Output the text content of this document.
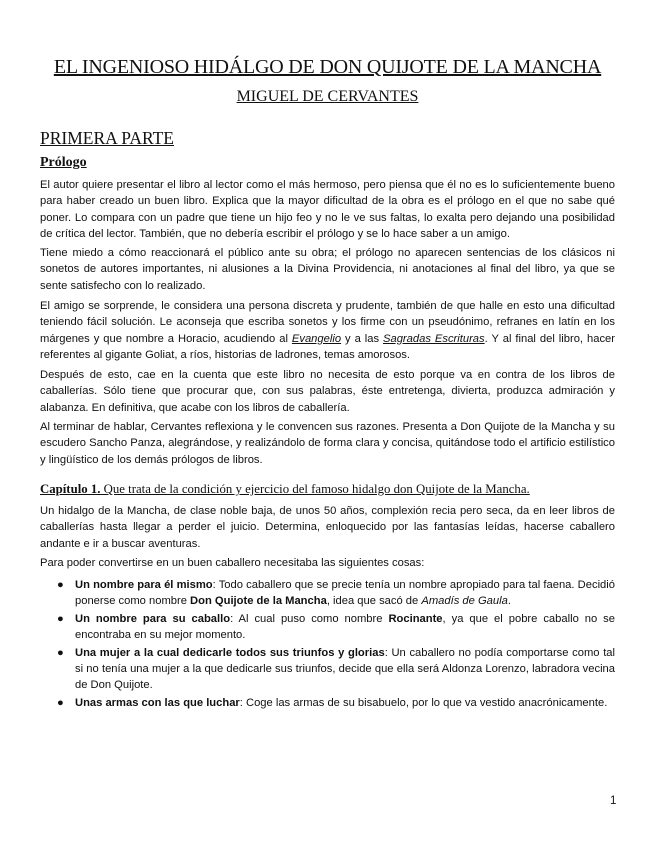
EL INGENIOSO HIDÁLGO DE DON QUIJOTE DE LA MANCHA
MIGUEL DE CERVANTES
PRIMERA PARTE
Prólogo

El autor quiere presentar el libro al lector como el más hermoso, pero piensa que él no es lo suficientemente bueno para haber creado un buen libro. Explica que la mayor dificultad de la obra es el prólogo en el que no sabe qué poner. Lo compara con un padre que tiene un hijo feo y no le ve sus faltas, lo exalta pero dejando una posibilidad de crítica del lector. También, que no debería escribir el prólogo y se lo hace saber a un amigo.

Tiene miedo a cómo reaccionará el público ante su obra; el prólogo no aparecen sentencias de los clásicos ni sonetos de autores importantes, ni alusiones a la Divina Providencia, ni anotaciones al final del libro, ya que se sente satisfecho con lo realizado.

El amigo se sorprende, le considera una persona discreta y prudente, también de que halle en esto una dificultad teniendo fácil solución. Le aconseja que escriba sonetos y los firme con un pseudónimo, refranes en latín en los márgenes y que nombre a Horacio, acudiendo al Evangelio y a las Sagradas Escrituras. Y al final del libro, hacer referentes al gigante Goliat, a ríos, historias de ladrones, temas amorosos.

Después de esto, cae en la cuenta que este libro no necesita de esto porque va en contra de los libros de caballerías. Sólo tiene que procurar que, con sus palabras, éste entretenga, divierta, produzca admiración y alabanza. En definitiva, que acabe con los libros de caballería.

Al terminar de hablar, Cervantes reflexiona y le convencen sus razones. Presenta a Don Quijote de la Mancha y su escudero Sancho Panza, alegrándose, y realizándolo de forma clara y concisa, quitándose todo el artificio estilístico y lingüístico de los demás prólogos de libros.

Capítulo 1. Que trata de la condición y ejercicio del famoso hidalgo don Quijote de la Mancha.

Un hidalgo de la Mancha, de clase noble baja, de unos 50 años, complexión recia pero seca, da en leer libros de caballerías hasta llegar a perder el juicio. Determina, enloquecido por las fantasías leídas, hacerse caballero andante e ir a buscar aventuras.

Para poder convertirse en un buen caballero necesitaba las siguientes cosas:

● Un nombre para él mismo: Todo caballero que se precie tenía un nombre apropiado para tal faena. Decidió ponerse como nombre Don Quijote de la Mancha, idea que sacó de Amadís de Gaula.
● Un nombre para su caballo: Al cual puso como nombre Rocinante, ya que el pobre caballo no se encontraba en su mejor momento.
● Una mujer a la cual dedicarle todos sus triunfos y glorias: Un caballero no podía comportarse como tal si no tenía una mujer a la que dedicarle sus triunfos, decide que ella será Aldonza Lorenzo, labradora vecina de Don Quijote.
● Unas armas con las que luchar: Coge las armas de su bisabuelo, por lo que va vestido anacrónicamente.
1
